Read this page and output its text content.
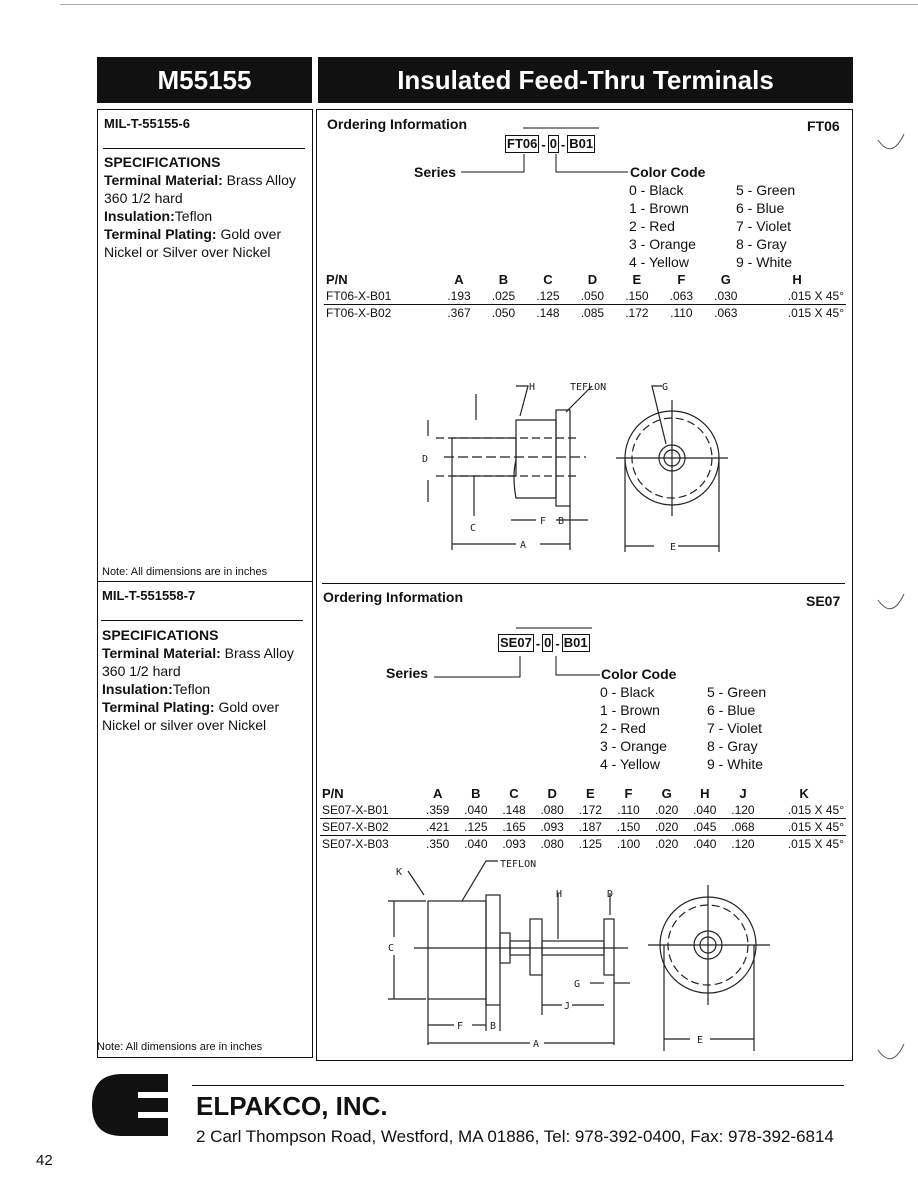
M55155	Insulated Feed-Thru Terminals
MIL-T-55155-6
SPECIFICATIONS
Terminal Material: Brass Alloy 360 1/2 hard
Insulation:Teflon
Terminal Plating: Gold over Nickel or Silver over Nickel
Note: All dimensions are in inches
MIL-T-551558-7
SPECIFICATIONS
Terminal Material: Brass Alloy 360 1/2 hard
Insulation:Teflon
Terminal Plating: Gold over Nickel or silver over Nickel
Note: All dimensions are in inches
Ordering Information	FT06
FT06 - 0 - B01
Series	Color Code
0 - Black	5 - Green
1 - Brown	6 - Blue
2 - Red	7 - Violet
3 - Orange	8 - Gray
4 - Yellow	9 - White
P/N	A	B	C	D	E	F	G	H
FT06-X-B01	.193	.025	.125	.050	.150	.063	.030	.015 X 45°
FT06-X-B02	.367	.050	.148	.085	.172	.110	.063	.015 X 45°
H	TEFLON	G
D
C
F B
A	E
Ordering Information	SE07
SE07 - 0 - B01
Series	Color Code
0 - Black	5 - Green
1 - Brown	6 - Blue
2 - Red	7 - Violet
3 - Orange	8 - Gray
4 - Yellow	9 - White
P/N	A	B	C	D	E	F	G	H	J	K
SE07-X-B01	.359	.040	.148	.080	.172	.110	.020	.040	.120	.015 X 45°
SE07-X-B02	.421	.125	.165	.093	.187	.150	.020	.045	.068	.015 X 45°
SE07-X-B03	.350	.040	.093	.080	.125	.100	.020	.040	.120	.015 X 45°
K
TEFLON
H	D
C
G
J
F	B
A	E
ELPAKCO, INC.
2 Carl Thompson Road, Westford, MA 01886, Tel: 978-392-0400, Fax: 978-392-6814
42
